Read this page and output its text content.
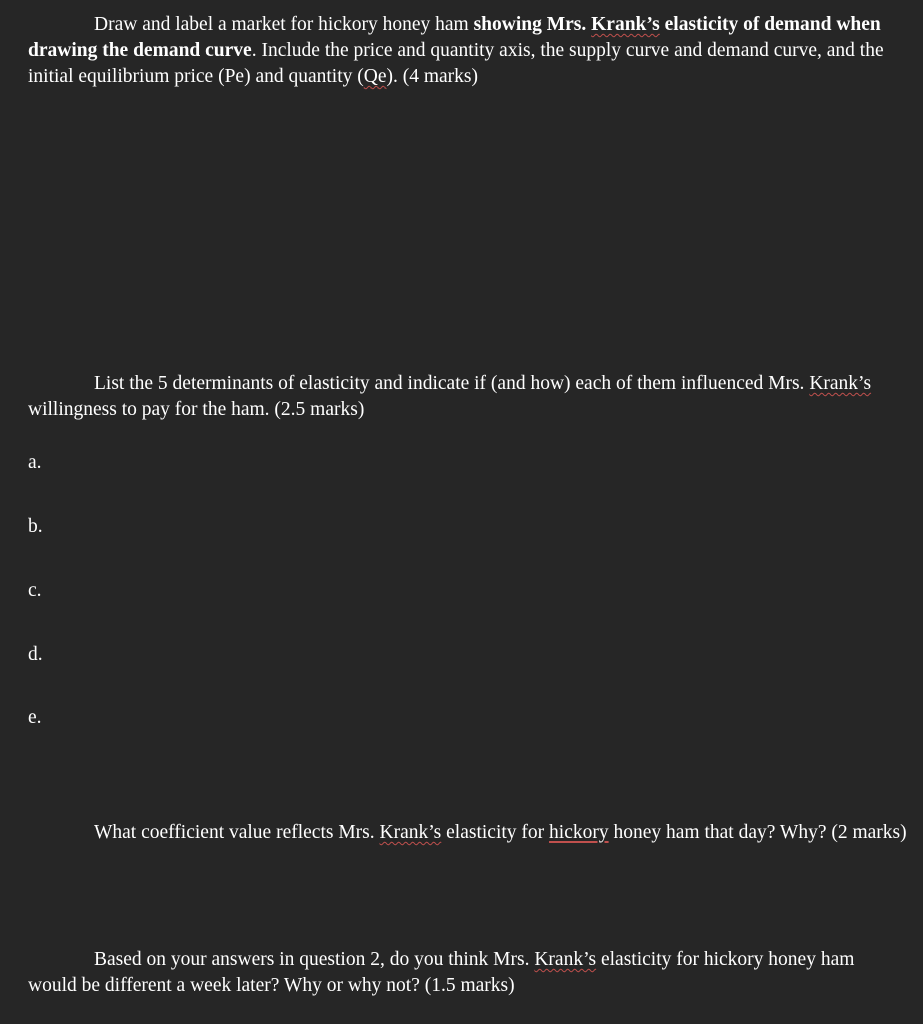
Draw and label a market for hickory honey ham showing Mrs. Krank’s elasticity of demand when drawing the demand curve. Include the price and quantity axis, the supply curve and demand curve, and the initial equilibrium price (Pe) and quantity (Qe). (4 marks)

List the 5 determinants of elasticity and indicate if (and how) each of them influenced Mrs. Krank’s willingness to pay for the ham. (2.5 marks)

a.

b.

c.

d.

e.

What coefficient value reflects Mrs. Krank’s elasticity for hickory honey ham that day? Why? (2 marks)

Based on your answers in question 2, do you think Mrs. Krank’s elasticity for hickory honey ham would be different a week later? Why or why not? (1.5 marks)
